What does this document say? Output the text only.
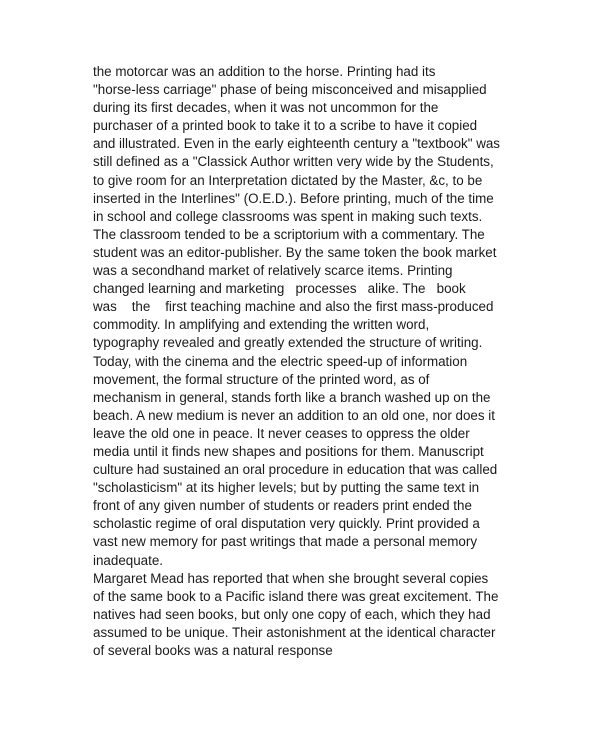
the motorcar was an addition to the horse. Printing had its
"horse-less carriage" phase of being misconceived and misapplied
during its first decades, when it was not uncommon for the
purchaser of a printed book to take it to a scribe to have it copied
and illustrated. Even in the early eighteenth century a "textbook" was
still defined as a "Classick Author written very wide by the Students,
to give room for an Interpretation dictated by the Master, &c, to be
inserted in the Interlines" (O.E.D.). Before printing, much of the time
in school and college classrooms was spent in making such texts.
The classroom tended to be a scriptorium with a commentary. The
student was an editor-publisher. By the same token the book market
was a secondhand market of relatively scarce items. Printing
changed learning and marketing   processes   alike. The   book
was    the    first teaching machine and also the first mass-produced
commodity. In amplifying and extending the written word,
typography revealed and greatly extended the structure of writing.
Today, with the cinema and the electric speed-up of information
movement, the formal structure of the printed word, as of
mechanism in general, stands forth like a branch washed up on the
beach. A new medium is never an addition to an old one, nor does it
leave the old one in peace. It never ceases to oppress the older
media until it finds new shapes and positions for them. Manuscript
culture had sustained an oral procedure in education that was called
"scholasticism" at its higher levels; but by putting the same text in
front of any given number of students or readers print ended the
scholastic regime of oral disputation very quickly. Print provided a
vast new memory for past writings that made a personal memory
inadequate.
Margaret Mead has reported that when she brought several copies
of the same book to a Pacific island there was great excitement. The
natives had seen books, but only one copy of each, which they had
assumed to be unique. Their astonishment at the identical character
of several books was a natural response
